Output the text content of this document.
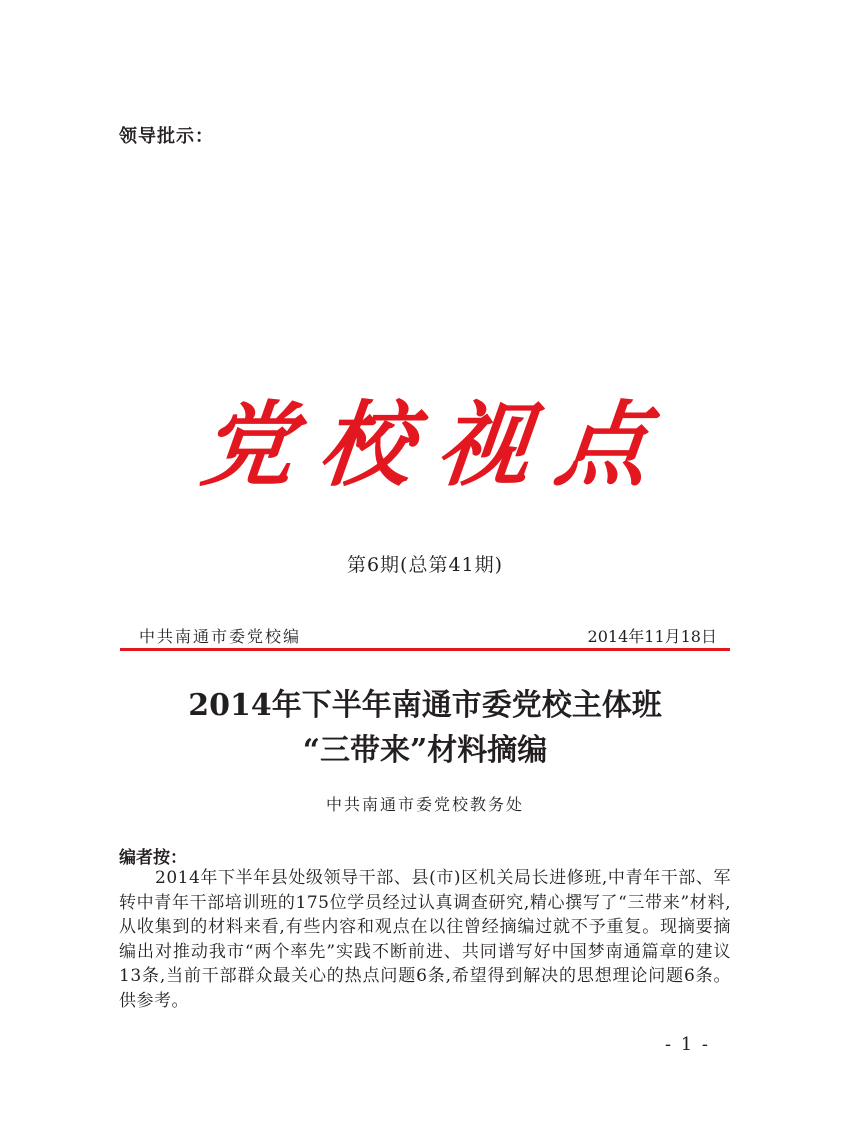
领导批示：
党校视点
第6期(总第41期)
中共南通市委党校编	2014年11月18日
2014年下半年南通市委党校主体班
“三带来”材料摘编
中共南通市委党校教务处
编者按：
2014年下半年县处级领导干部、县(市)区机关局长进修班,中青年干部、军转中青年干部培训班的175位学员经过认真调查研究,精心撰写了“三带来”材料,从收集到的材料来看,有些内容和观点在以往曾经摘编过就不予重复。现摘要摘编出对推动我市“两个率先”实践不断前进、共同谱写好中国梦南通篇章的建议13条,当前干部群众最关心的热点问题6条,希望得到解决的思想理论问题6条。供参考。
- 1 -
